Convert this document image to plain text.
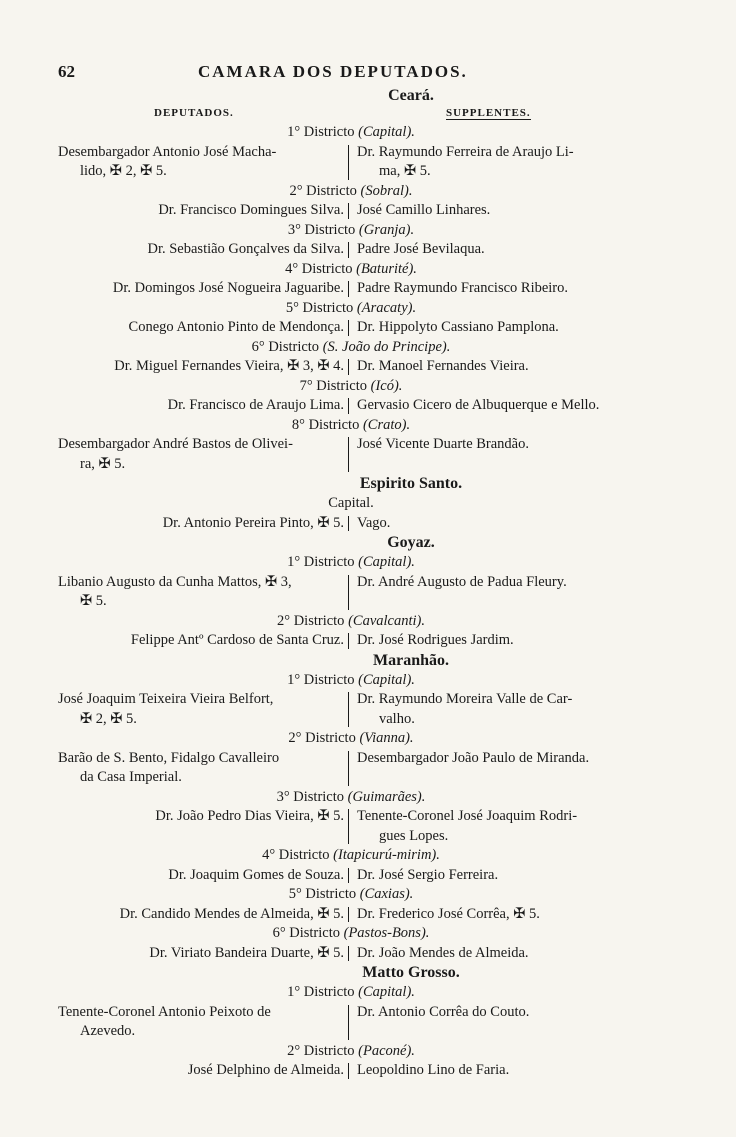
62	CAMARA DOS DEPUTADOS.
Ceará.
DEPUTADOS.	SUPPLENTES.
1° Districto (Capital).
Desembargador Antonio José Macha-
lido, ✠ 2, ✠ 5.
Dr. Raymundo Ferreira de Araujo Li-
ma, ✠ 5.
2° Districto (Sobral).
Dr. Francisco Domingues Silva. José Camillo Linhares.
3° Districto (Granja).
Dr. Sebastião Gonçalves da Silva. Padre José Bevilaqua.
4° Districto (Baturité).
Dr. Domingos José Nogueira Jaguaribe. Padre Raymundo Francisco Ribeiro.
5° Districto (Aracaty).
Conego Antonio Pinto de Mendonça. Dr. Hippolyto Cassiano Pamplona.
6° Districto (S. João do Principe).
Dr. Miguel Fernandes Vieira, ✠ 3, ✠ 4. Dr. Manoel Fernandes Vieira.
7° Districto (Icó).
Dr. Francisco de Araujo Lima. Gervasio Cicero de Albuquerque e Mello.
8° Districto (Crato).
Desembargador André Bastos de Olivei-
ra, ✠ 5.
José Vicente Duarte Brandão.
Espirito Santo.
Capital.
Dr. Antonio Pereira Pinto, ✠ 5. Vago.
Goyaz.
1° Districto (Capital).
Libanio Augusto da Cunha Mattos, ✠ 3,
✠ 5.
Dr. André Augusto de Padua Fleury.
2° Districto (Cavalcanti).
Felippe Antº Cardoso de Santa Cruz. Dr. José Rodrigues Jardim.
Maranhão.
1° Districto (Capital).
José Joaquim Teixeira Vieira Belfort,
✠ 2, ✠ 5.
Dr. Raymundo Moreira Valle de Car-
valho.
2° Districto (Vianna).
Barão de S. Bento, Fidalgo Cavalleiro
da Casa Imperial.
Desembargador João Paulo de Miranda.
3° Districto (Guimarães).
Dr. João Pedro Dias Vieira, ✠ 5. Tenente-Coronel José Joaquim Rodri-
gues Lopes.
4° Districto (Itapicurú-mirim).
Dr. Joaquim Gomes de Souza. Dr. José Sergio Ferreira.
5° Districto (Caxias).
Dr. Candido Mendes de Almeida, ✠ 5. Dr. Frederico José Corrêa, ✠ 5.
6° Districto (Pastos-Bons).
Dr. Viriato Bandeira Duarte, ✠ 5. Dr. João Mendes de Almeida.
Matto Grosso.
1° Districto (Capital).
Tenente-Coronel Antonio Peixoto de
Azevedo.
Dr. Antonio Corrêa do Couto.
2° Districto (Paconé).
José Delphino de Almeida. Leopoldino Lino de Faria.
